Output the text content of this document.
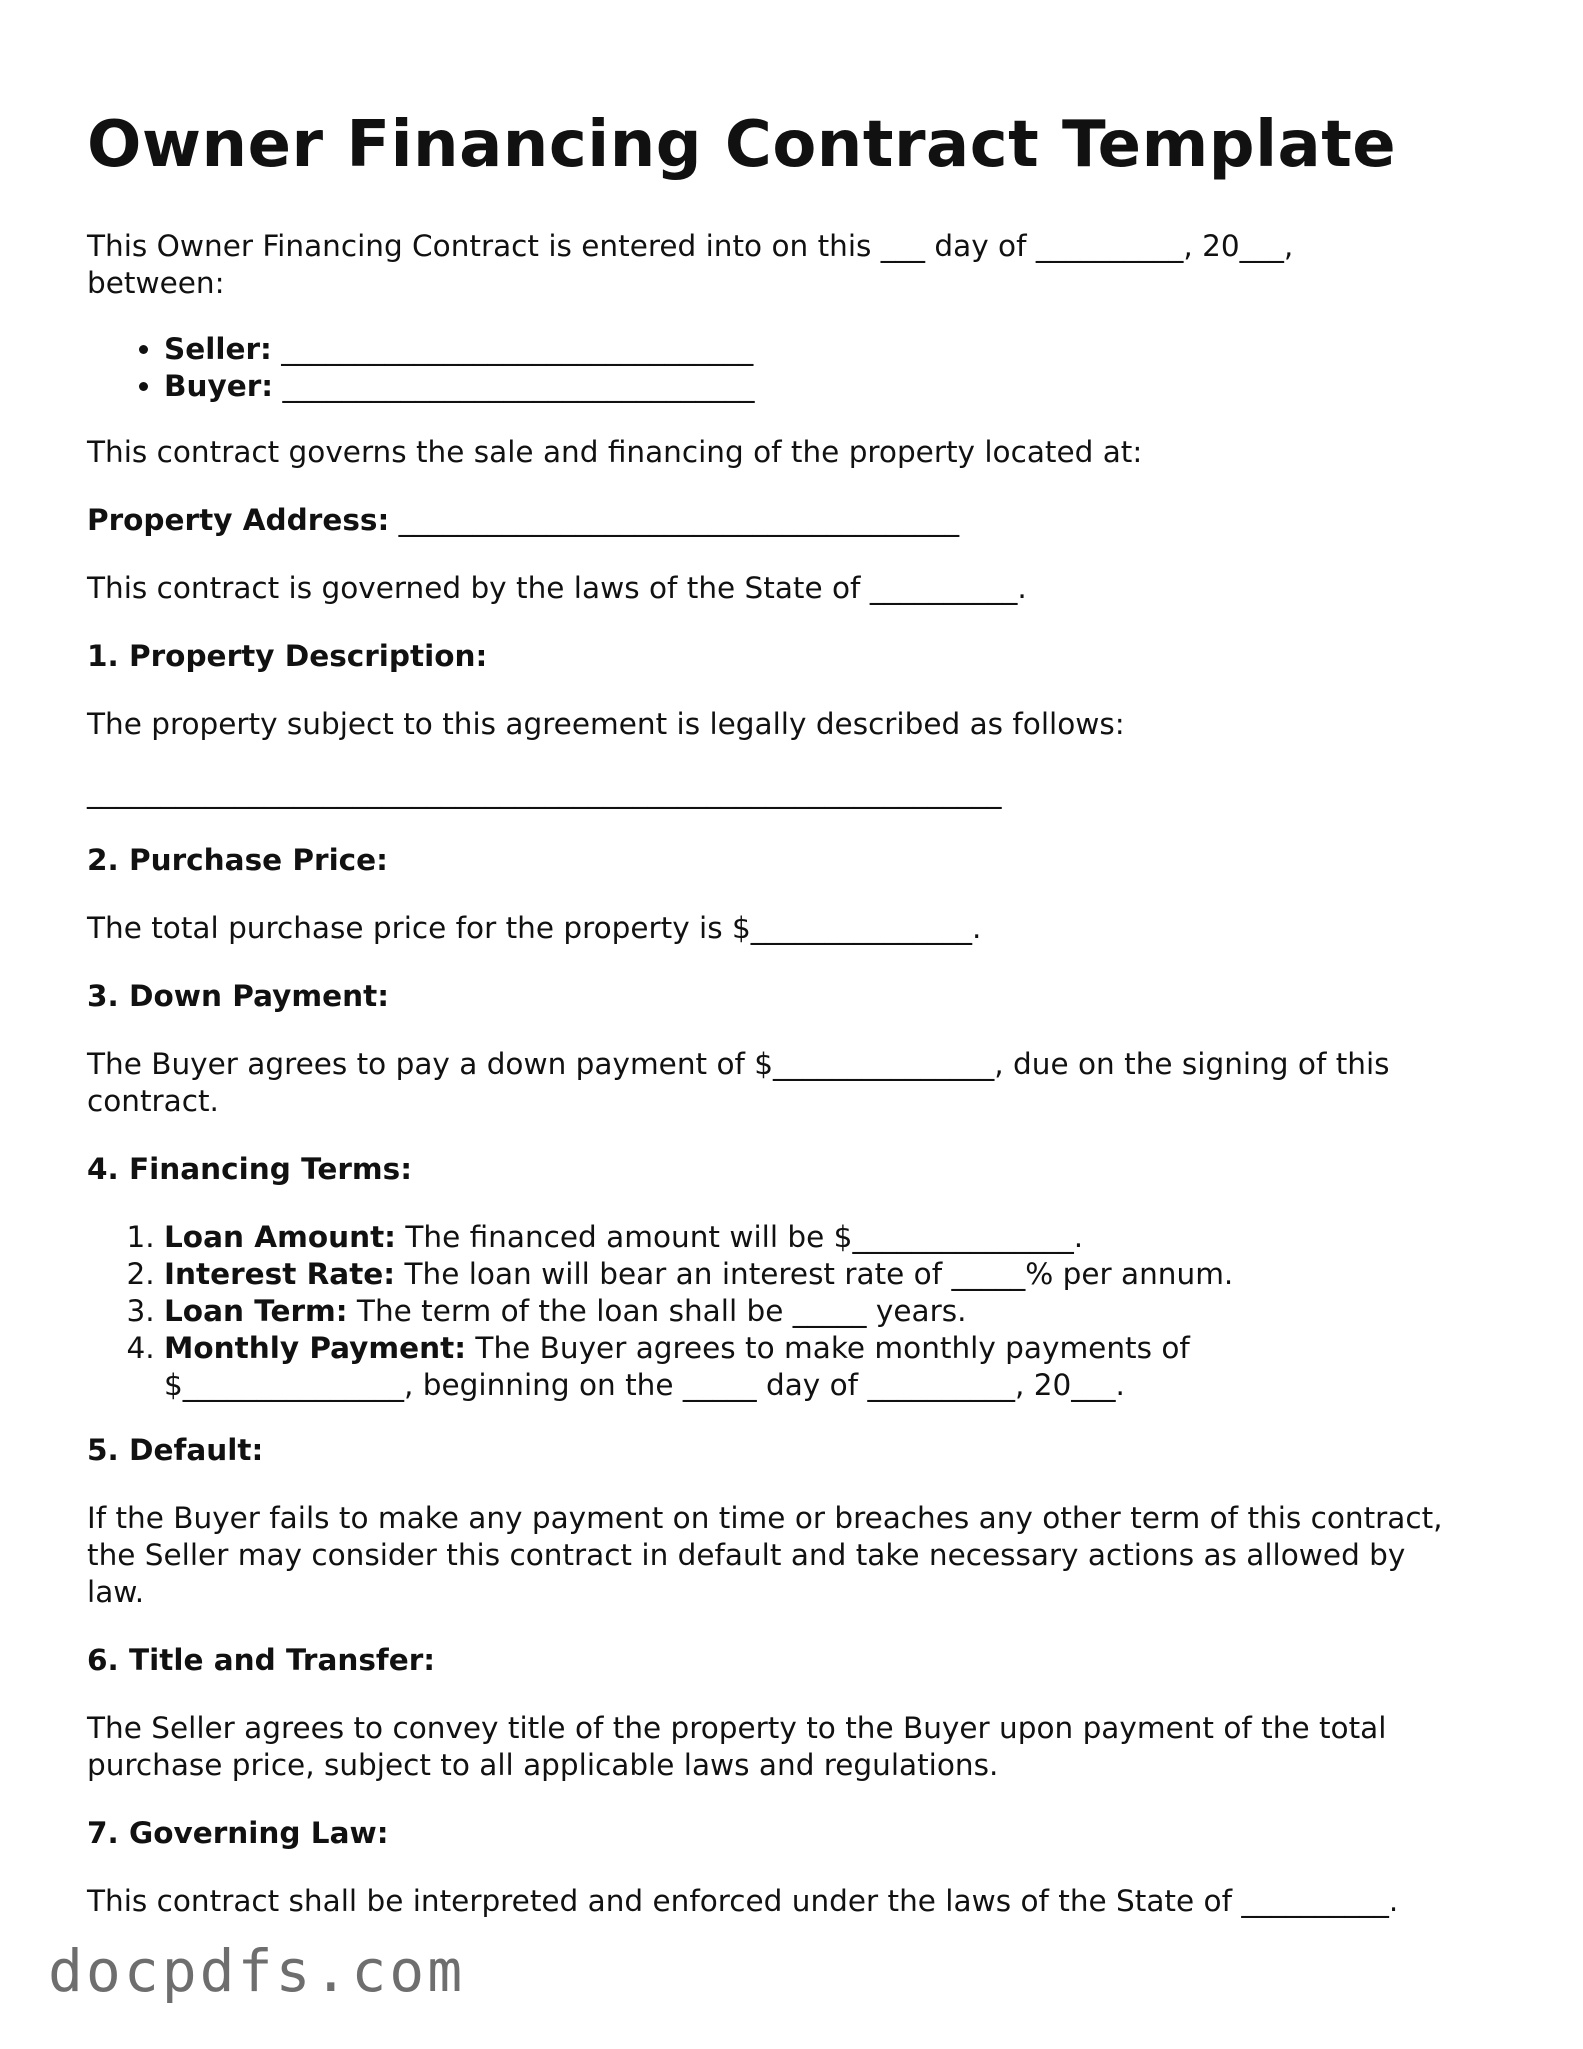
Owner Financing Contract Template

This Owner Financing Contract is entered into on this ___ day of __________, 20___, between:

• Seller: ________________________________
• Buyer: ________________________________

This contract governs the sale and financing of the property located at:

Property Address: ______________________________________

This contract is governed by the laws of the State of __________.

1. Property Description:

The property subject to this agreement is legally described as follows:

______________________________________________________________

2. Purchase Price:

The total purchase price for the property is $_______________.

3. Down Payment:

The Buyer agrees to pay a down payment of $_______________, due on the signing of this contract.

4. Financing Terms:

1. Loan Amount: The financed amount will be $_______________.
2. Interest Rate: The loan will bear an interest rate of _____% per annum.
3. Loan Term: The term of the loan shall be _____ years.
4. Monthly Payment: The Buyer agrees to make monthly payments of $_______________, beginning on the _____ day of __________, 20___.

5. Default:

If the Buyer fails to make any payment on time or breaches any other term of this contract, the Seller may consider this contract in default and take necessary actions as allowed by law.

6. Title and Transfer:

The Seller agrees to convey title of the property to the Buyer upon payment of the total purchase price, subject to all applicable laws and regulations.

7. Governing Law:

This contract shall be interpreted and enforced under the laws of the State of __________.

docpdfs.com
